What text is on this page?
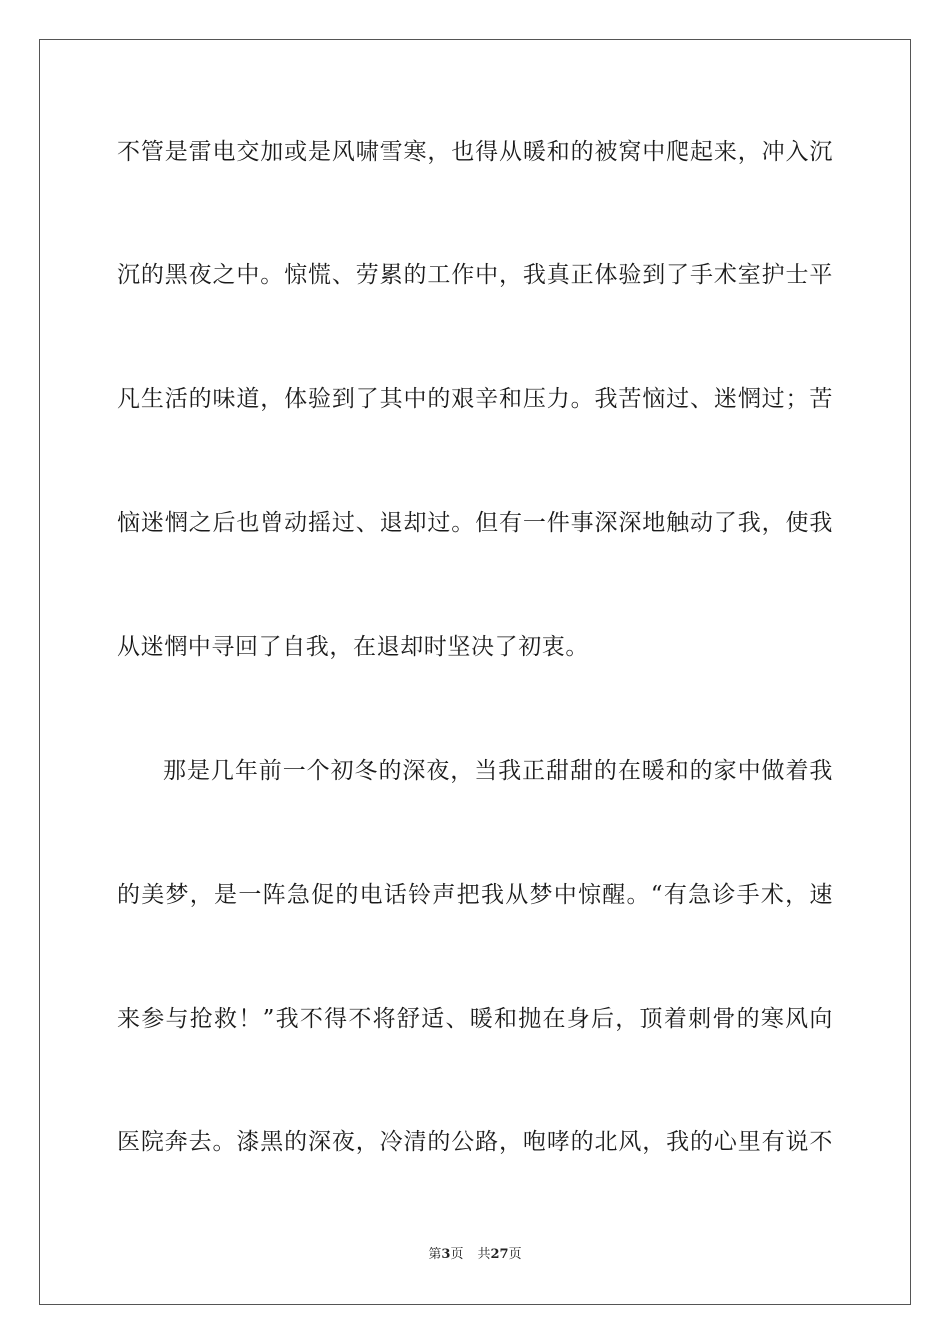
不管是雷电交加或是风啸雪寒，也得从暖和的被窝中爬起来，冲入沉
沉的黑夜之中。惊慌、劳累的工作中，我真正体验到了手术室护士平
凡生活的味道，体验到了其中的艰辛和压力。我苦恼过、迷惘过；苦
恼迷惘之后也曾动摇过、退却过。但有一件事深深地触动了我，使我
从迷惘中寻回了自我，在退却时坚决了初衷。
那是几年前一个初冬的深夜，当我正甜甜的在暖和的家中做着我
的美梦，是一阵急促的电话铃声把我从梦中惊醒。“有急诊手术，速
来参与抢救！”我不得不将舒适、暖和抛在身后，顶着刺骨的寒风向
医院奔去。漆黑的深夜，冷清的公路，咆哮的北风，我的心里有说不
第3页 共27页
